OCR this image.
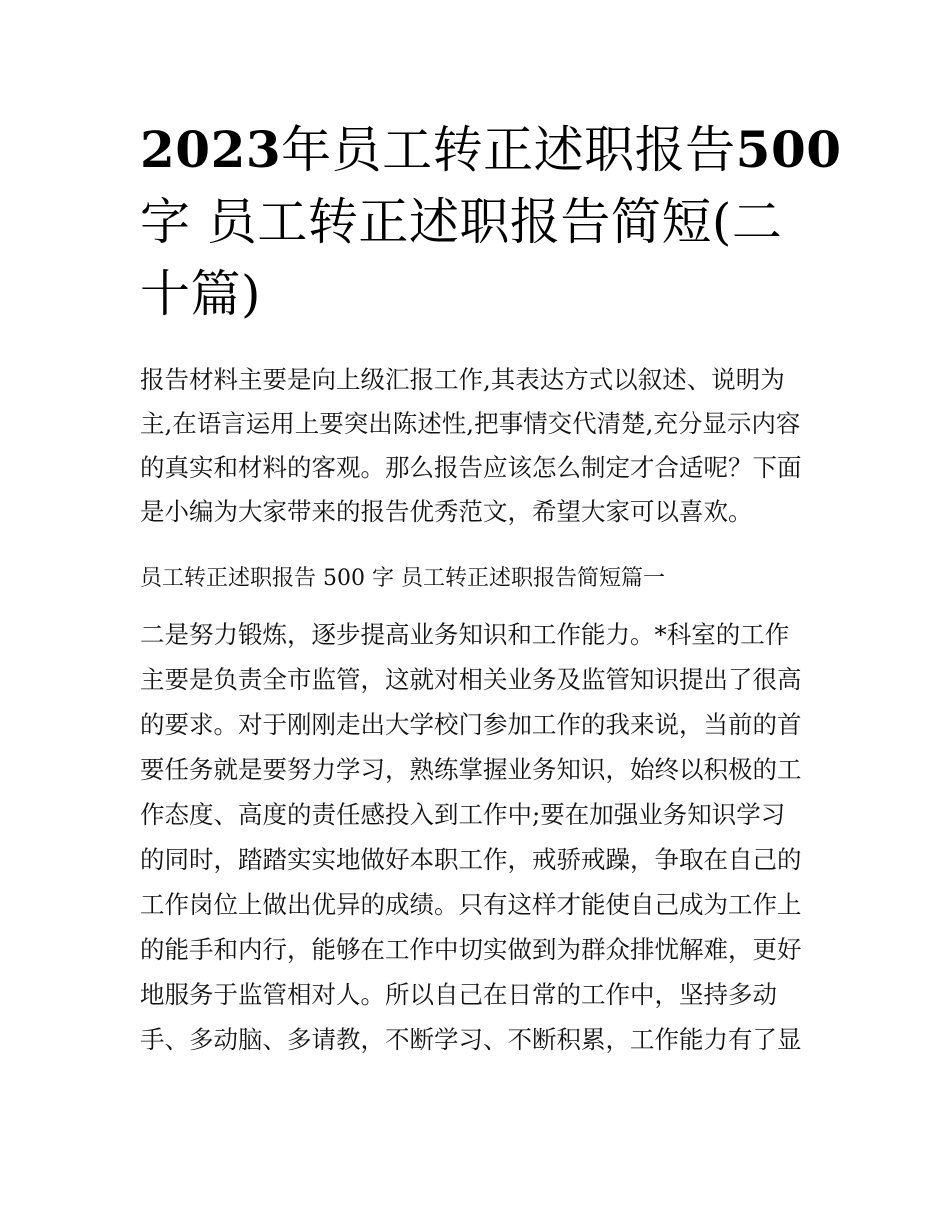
2023年员工转正述职报告500
字 员工转正述职报告简短(二
十篇)
报告材料主要是向上级汇报工作,其表达方式以叙述、说明为
主,在语言运用上要突出陈述性,把事情交代清楚,充分显示内容
的真实和材料的客观。那么报告应该怎么制定才合适呢？下面
是小编为大家带来的报告优秀范文，希望大家可以喜欢。
员工转正述职报告 500 字 员工转正述职报告简短篇一
二是努力锻炼，逐步提高业务知识和工作能力。*科室的工作
主要是负责全市监管，这就对相关业务及监管知识提出了很高
的要求。对于刚刚走出大学校门参加工作的我来说，当前的首
要任务就是要努力学习，熟练掌握业务知识，始终以积极的工
作态度、高度的责任感投入到工作中;要在加强业务知识学习
的同时，踏踏实实地做好本职工作，戒骄戒躁，争取在自己的
工作岗位上做出优异的成绩。只有这样才能使自己成为工作上
的能手和内行，能够在工作中切实做到为群众排忧解难，更好
地服务于监管相对人。所以自己在日常的工作中，坚持多动
手、多动脑、多请教，不断学习、不断积累，工作能力有了显
